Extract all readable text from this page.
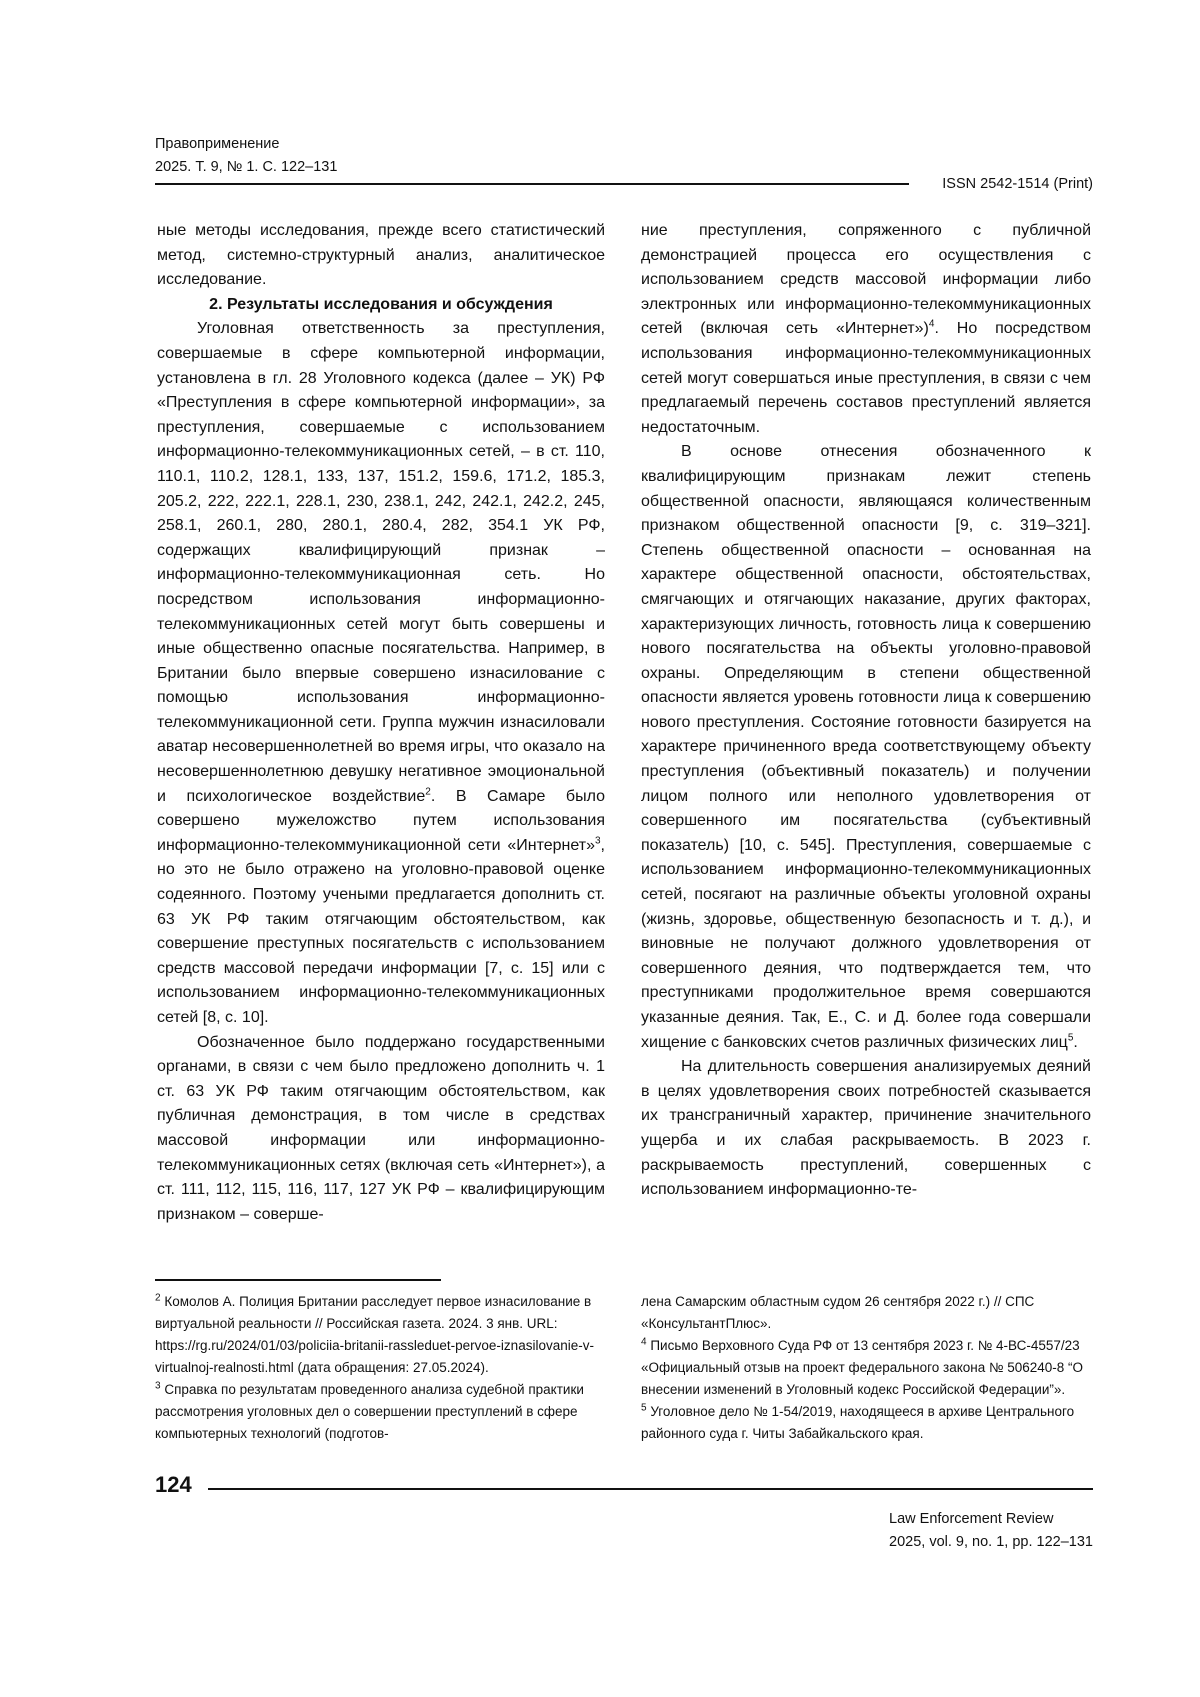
Правоприменение
2025. Т. 9, № 1. С. 122–131
ISSN 2542-1514 (Print)

ные методы исследования, прежде всего статистический метод, системно-структурный анализ, аналитическое исследование.

2. Результаты исследования и обсуждения

Уголовная ответственность за преступления, совершаемые в сфере компьютерной информации, установлена в гл. 28 Уголовного кодекса (далее – УК) РФ «Преступления в сфере компьютерной информации», за преступления, совершаемые с использованием информационно-телекоммуникационных сетей, – в ст. 110, 110.1, 110.2, 128.1, 133, 137, 151.2, 159.6, 171.2, 185.3, 205.2, 222, 222.1, 228.1, 230, 238.1, 242, 242.1, 242.2, 245, 258.1, 260.1, 280, 280.1, 280.4, 282, 354.1 УК РФ, содержащих квалифицирующий признак – информационно-телекоммуникационная сеть. Но посредством использования информационно-телекоммуникационных сетей могут быть совершены и иные общественно опасные посягательства. Например, в Британии было впервые совершено изнасилование с помощью использования информационно-телекоммуникационной сети. Группа мужчин изнасиловали аватар несовершеннолетней во время игры, что оказало на несовершеннолетнюю девушку негативное эмоциональной и психологическое воздействие$^2$. В Самаре было совершено мужеложство путем использования информационно-телекоммуникационной сети «Интернет»$^3$, но это не было отражено на уголовно-правовой оценке содеянного. Поэтому учеными предлагается дополнить ст. 63 УК РФ таким отягчающим обстоятельством, как совершение преступных посягательств с использованием средств массовой передачи информации [7, с. 15] или с использованием информационно-телекоммуникационных сетей [8, с. 10].

Обозначенное было поддержано государственными органами, в связи с чем было предложено дополнить ч. 1 ст. 63 УК РФ таким отягчающим обстоятельством, как публичная демонстрация, в том числе в средствах массовой информации или информационно-телекоммуникационных сетях (включая сеть «Интернет»), а ст. 111, 112, 115, 116, 117, 127 УК РФ – квалифицирующим признаком – соверше-

ние преступления, сопряженного с публичной демонстрацией процесса его осуществления с использованием средств массовой информации либо электронных или информационно-телекоммуникационных сетей (включая сеть «Интернет»)$^4$. Но посредством использования информационно-телекоммуникационных сетей могут совершаться иные преступления, в связи с чем предлагаемый перечень составов преступлений является недостаточным.

В основе отнесения обозначенного к квалифицирующим признакам лежит степень общественной опасности, являющаяся количественным признаком общественной опасности [9, с. 319–321]. Степень общественной опасности – основанная на характере общественной опасности, обстоятельствах, смягчающих и отягчающих наказание, других факторах, характеризующих личность, готовность лица к совершению нового посягательства на объекты уголовно-правовой охраны. Определяющим в степени общественной опасности является уровень готовности лица к совершению нового преступления. Состояние готовности базируется на характере причиненного вреда соответствующему объекту преступления (объективный показатель) и получении лицом полного или неполного удовлетворения от совершенного им посягательства (субъективный показатель) [10, с. 545]. Преступления, совершаемые с использованием информационно-телекоммуникационных сетей, посягают на различные объекты уголовной охраны (жизнь, здоровье, общественную безопасность и т. д.), и виновные не получают должного удовлетворения от совершенного деяния, что подтверждается тем, что преступниками продолжительное время совершаются указанные деяния. Так, Е., С. и Д. более года совершали хищение с банковских счетов различных физических лиц$^5$.

На длительность совершения анализируемых деяний в целях удовлетворения своих потребностей сказывается их трансграничный характер, причинение значительного ущерба и их слабая раскрываемость. В 2023 г. раскрываемость преступлений, совершенных с использованием информационно-те-

$^2$ Комолов А. Полиция Британии расследует первое изнасилование в виртуальной реальности // Российская газета. 2024. 3 янв. URL: https://rg.ru/2024/01/03/policiia-britanii-rassleduet-pervoe-iznasilovanie-v-virtualnoj-realnosti.html (дата обращения: 27.05.2024).

$^3$ Справка по результатам проведенного анализа судебной практики рассмотрения уголовных дел о совершении преступлений в сфере компьютерных технологий (подготов-

лена Самарским областным судом 26 сентября 2022 г.) // СПС «КонсультантПлюс».

$^4$ Письмо Верховного Суда РФ от 13 сентября 2023 г. № 4-ВС-4557/23 «Официальный отзыв на проект федерального закона № 506240-8 “О внесении изменений в Уголовный кодекс Российской Федерации”».

$^5$ Уголовное дело № 1-54/2019, находящееся в архиве Центрального районного суда г. Читы Забайкальского края.

124
Law Enforcement Review
2025, vol. 9, no. 1, pp. 122–131
